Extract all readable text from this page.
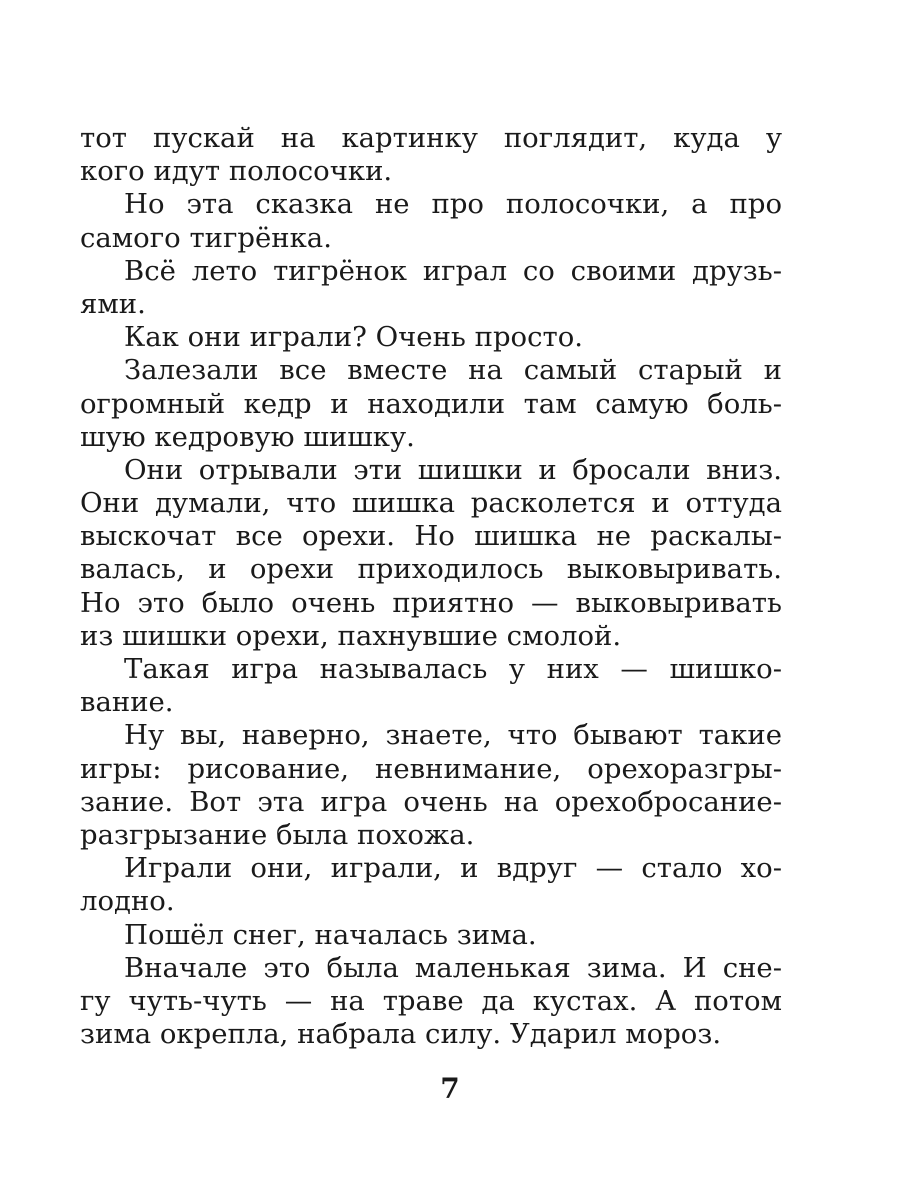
тот пускай на картинку поглядит, куда у
кого идут полосочки.
Но эта сказка не про полосочки, а про
самого тигрёнка.
Всё лето тигрёнок играл со своими друзь-
ями.
Как они играли? Очень просто.
Залезали все вместе на самый старый и
огромный кедр и находили там самую боль-
шую кедровую шишку.
Они отрывали эти шишки и бросали вниз.
Они думали, что шишка расколется и оттуда
выскочат все орехи. Но шишка не раскалы-
валась, и орехи приходилось выковыривать.
Но это было очень приятно — выковыривать
из шишки орехи, пахнувшие смолой.
Такая игра называлась у них — шишко-
вание.
Ну вы, наверно, знаете, что бывают такие
игры: рисование, невнимание, орехоразгры-
зание. Вот эта игра очень на орехобросание-
разгрызание была похожа.
Играли они, играли, и вдруг — стало хо-
лодно.
Пошёл снег, началась зима.
Вначале это была маленькая зима. И сне-
гу чуть-чуть — на траве да кустах. А потом
зима окрепла, набрала силу. Ударил мороз.
7
